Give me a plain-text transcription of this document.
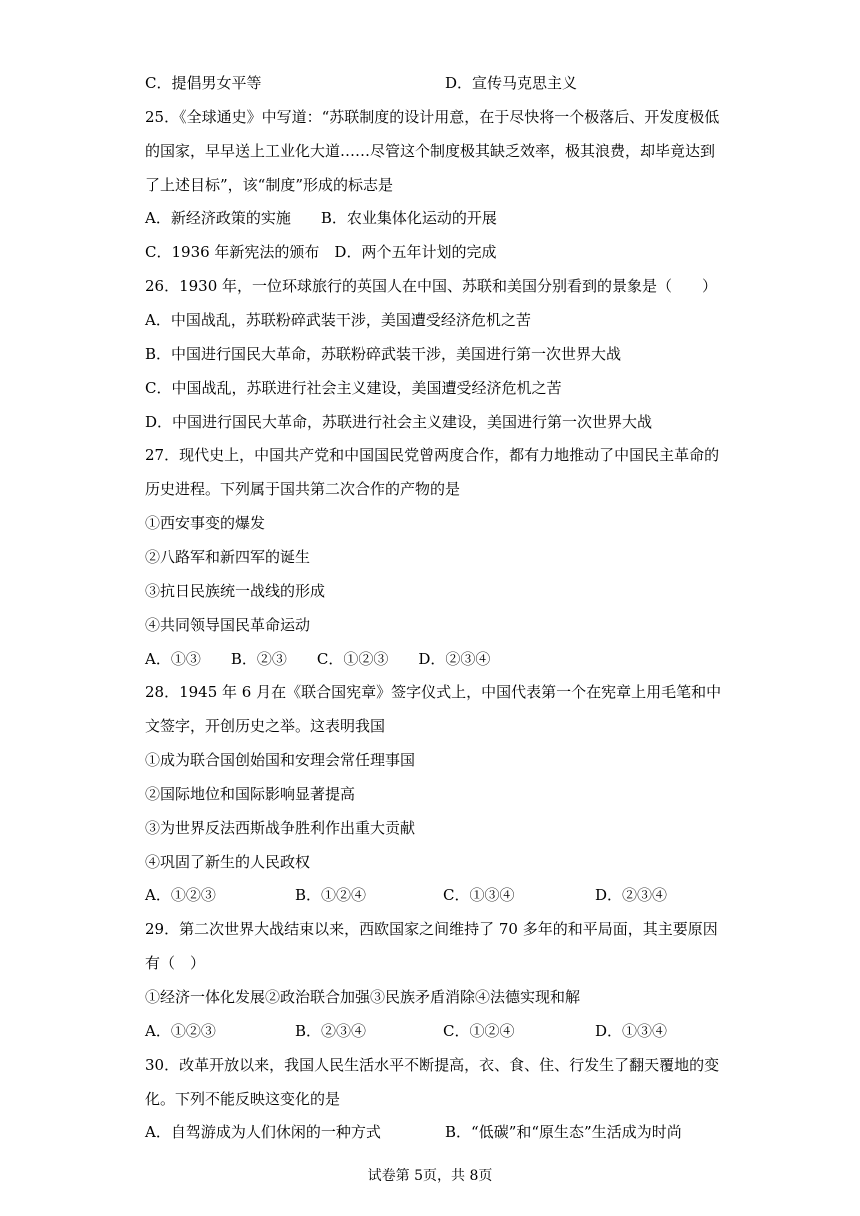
C．提倡男女平等	D．宣传马克思主义
25．《全球通史》中写道：“苏联制度的设计用意，在于尽快将一个极落后、开发度极低
的国家，早早送上工业化大道……尽管这个制度极其缺乏效率，极其浪费，却毕竟达到
了上述目标”，该“制度”形成的标志是
A．新经济政策的实施　　B．农业集体化运动的开展
C．1936 年新宪法的颁布　D．两个五年计划的完成
26．1930 年，一位环球旅行的英国人在中国、苏联和美国分别看到的景象是（　　）
A．中国战乱，苏联粉碎武装干涉，美国遭受经济危机之苦
B．中国进行国民大革命，苏联粉碎武装干涉，美国进行第一次世界大战
C．中国战乱，苏联进行社会主义建设，美国遭受经济危机之苦
D．中国进行国民大革命，苏联进行社会主义建设，美国进行第一次世界大战
27．现代史上，中国共产党和中国国民党曾两度合作，都有力地推动了中国民主革命的
历史进程。下列属于国共第二次合作的产物的是
①西安事变的爆发
②八路军和新四军的诞生
③抗日民族统一战线的形成
④共同领导国民革命运动
A．①③　　B．②③　　C．①②③　　D．②③④
28．1945 年 6 月在《联合国宪章》签字仪式上，中国代表第一个在宪章上用毛笔和中
文签字，开创历史之举。这表明我国
①成为联合国创始国和安理会常任理事国
②国际地位和国际影响显著提高
③为世界反法西斯战争胜利作出重大贡献
④巩固了新生的人民政权
A．①②③	B．①②④	C．①③④	D．②③④
29．第二次世界大战结束以来，西欧国家之间维持了 70 多年的和平局面，其主要原因
有（　）
①经济一体化发展②政治联合加强③民族矛盾消除④法德实现和解
A．①②③	B．②③④	C．①②④	D．①③④
30．改革开放以来，我国人民生活水平不断提高，衣、食、住、行发生了翻天覆地的变
化。下列不能反映这变化的是
A．自驾游成为人们休闲的一种方式	B．“低碳”和“原生态”生活成为时尚
试卷第 5页，共 8页
